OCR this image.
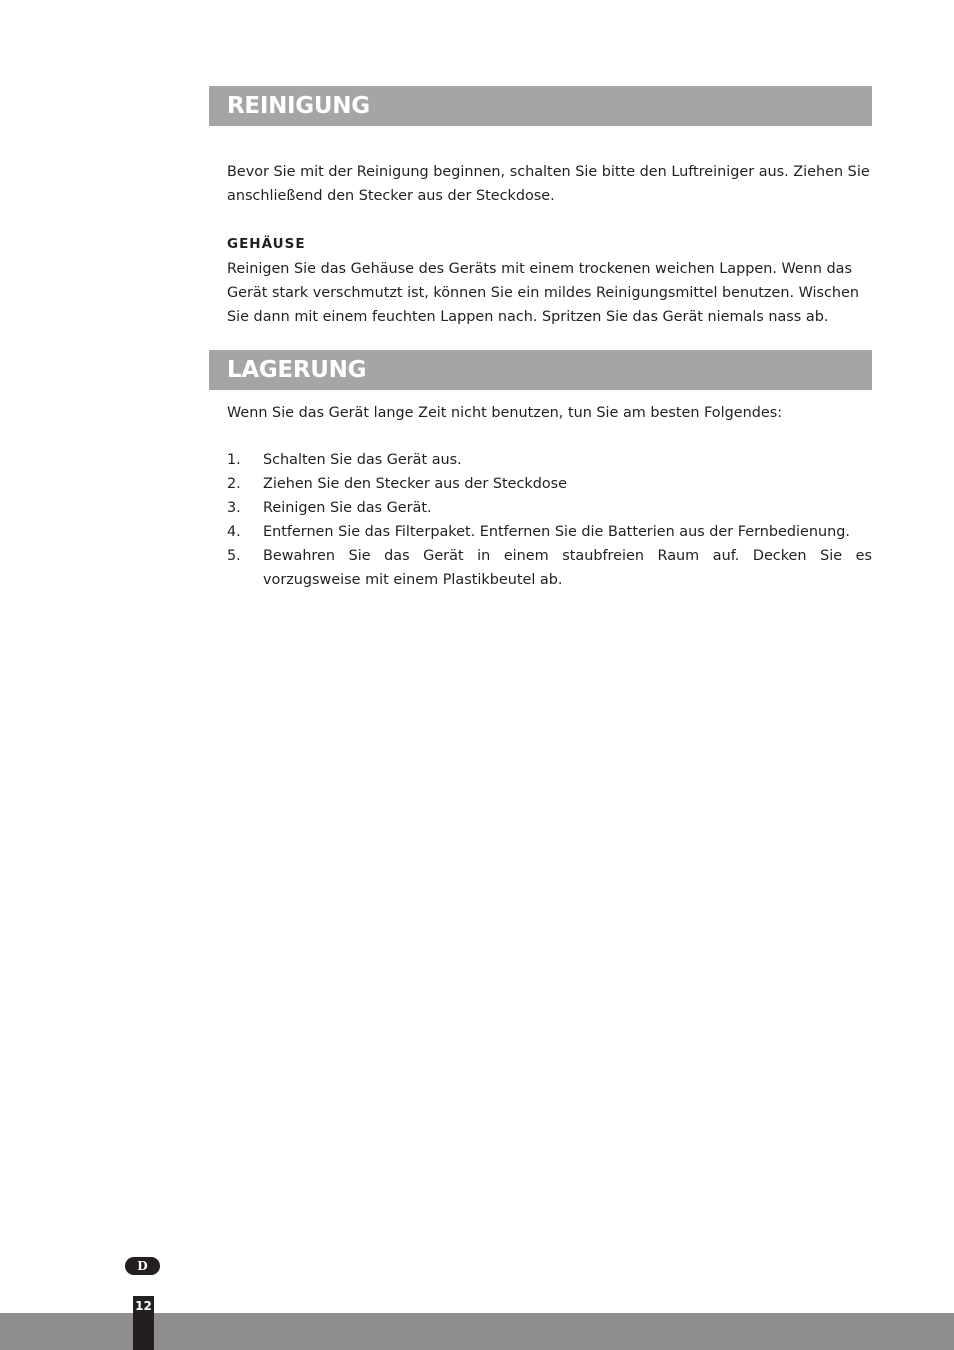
REINIGUNG

Bevor Sie mit der Reinigung beginnen, schalten Sie bitte den Luftreiniger aus. Ziehen Sie anschließend den Stecker aus der Steckdose.

GEHÄUSE

Reinigen Sie das Gehäuse des Geräts mit einem trockenen weichen Lappen. Wenn das Gerät stark verschmutzt ist, können Sie ein mildes Reinigungsmittel benutzen. Wischen Sie dann mit einem feuchten Lappen nach. Spritzen Sie das Gerät niemals nass ab.

LAGERUNG

Wenn Sie das Gerät lange Zeit nicht benutzen, tun Sie am besten Folgendes:

1.	Schalten Sie das Gerät aus.
2.	Ziehen Sie den Stecker aus der Steckdose
3.	Reinigen Sie das Gerät.
4.	Entfernen Sie das Filterpaket. Entfernen Sie die Batterien aus der Fernbedienung.
5.	Bewahren Sie das Gerät in einem staubfreien Raum auf. Decken Sie es vorzugsweise mit einem Plastikbeutel ab.
D
12
